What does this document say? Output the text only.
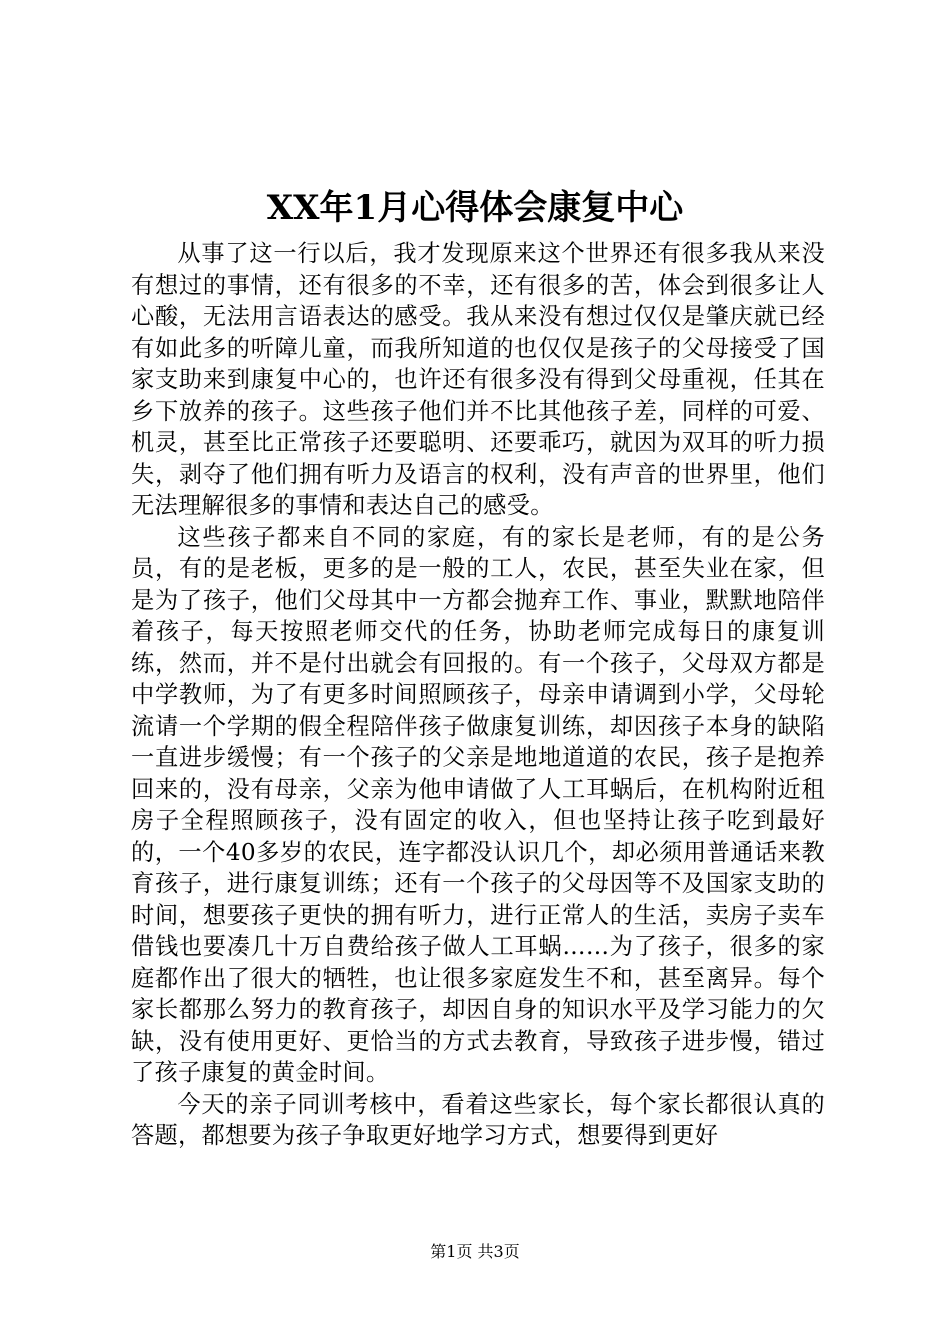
XX年1月心得体会康复中心

从事了这一行以后，我才发现原来这个世界还有很多我从来没有想过的事情，还有很多的不幸，还有很多的苦，体会到很多让人心酸，无法用言语表达的感受。我从来没有想过仅仅是肇庆就已经有如此多的听障儿童，而我所知道的也仅仅是孩子的父母接受了国家支助来到康复中心的，也许还有很多没有得到父母重视，任其在乡下放养的孩子。这些孩子他们并不比其他孩子差，同样的可爱、机灵，甚至比正常孩子还要聪明、还要乖巧，就因为双耳的听力损失，剥夺了他们拥有听力及语言的权利，没有声音的世界里，他们无法理解很多的事情和表达自己的感受。

这些孩子都来自不同的家庭，有的家长是老师，有的是公务员，有的是老板，更多的是一般的工人，农民，甚至失业在家，但是为了孩子，他们父母其中一方都会抛弃工作、事业，默默地陪伴着孩子，每天按照老师交代的任务，协助老师完成每日的康复训练，然而，并不是付出就会有回报的。有一个孩子，父母双方都是中学教师，为了有更多时间照顾孩子，母亲申请调到小学，父母轮流请一个学期的假全程陪伴孩子做康复训练，却因孩子本身的缺陷一直进步缓慢；有一个孩子的父亲是地地道道的农民，孩子是抱养回来的，没有母亲，父亲为他申请做了人工耳蜗后，在机构附近租房子全程照顾孩子，没有固定的收入，但也坚持让孩子吃到最好的，一个40多岁的农民，连字都没认识几个，却必须用普通话来教育孩子，进行康复训练；还有一个孩子的父母因等不及国家支助的时间，想要孩子更快的拥有听力，进行正常人的生活，卖房子卖车借钱也要凑几十万自费给孩子做人工耳蜗……为了孩子，很多的家庭都作出了很大的牺牲，也让很多家庭发生不和，甚至离异。每个家长都那么努力的教育孩子，却因自身的知识水平及学习能力的欠缺，没有使用更好、更恰当的方式去教育，导致孩子进步慢，错过了孩子康复的黄金时间。

今天的亲子同训考核中，看着这些家长，每个家长都很认真的答题，都想要为孩子争取更好地学习方式，想要得到更好

第1页 共3页
